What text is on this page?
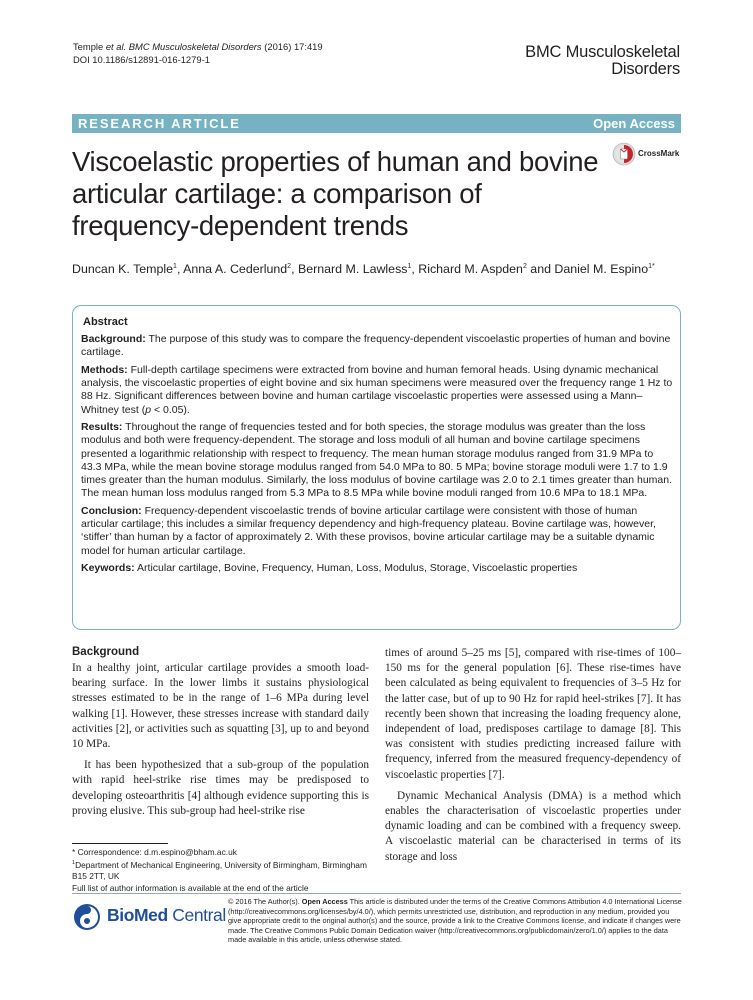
Temple et al. BMC Musculoskeletal Disorders (2016) 17:419
DOI 10.1186/s12891-016-1279-1	BMC Musculoskeletal
Disorders
RESEARCH ARTICLE	Open Access
Viscoelastic properties of human and bovine articular cartilage: a comparison of frequency-dependent trends
CrossMark
Duncan K. Temple$^1$, Anna A. Cederlund$^2$, Bernard M. Lawless$^1$, Richard M. Aspden$^2$ and Daniel M. Espino$^{1*}$
Abstract

Background: The purpose of this study was to compare the frequency-dependent viscoelastic properties of human and bovine cartilage.

Methods: Full-depth cartilage specimens were extracted from bovine and human femoral heads. Using dynamic mechanical analysis, the viscoelastic properties of eight bovine and six human specimens were measured over the frequency range 1 Hz to 88 Hz. Significant differences between bovine and human cartilage viscoelastic properties were assessed using a Mann–Whitney test (p < 0.05).

Results: Throughout the range of frequencies tested and for both species, the storage modulus was greater than the loss modulus and both were frequency-dependent. The storage and loss moduli of all human and bovine cartilage specimens presented a logarithmic relationship with respect to frequency. The mean human storage modulus ranged from 31.9 MPa to 43.3 MPa, while the mean bovine storage modulus ranged from 54.0 MPa to 80. 5 MPa; bovine storage moduli were 1.7 to 1.9 times greater than the human modulus. Similarly, the loss modulus of bovine cartilage was 2.0 to 2.1 times greater than human. The mean human loss modulus ranged from 5.3 MPa to 8.5 MPa while bovine moduli ranged from 10.6 MPa to 18.1 MPa.

Conclusion: Frequency-dependent viscoelastic trends of bovine articular cartilage were consistent with those of human articular cartilage; this includes a similar frequency dependency and high-frequency plateau. Bovine cartilage was, however, ‘stiffer’ than human by a factor of approximately 2. With these provisos, bovine articular cartilage may be a suitable dynamic model for human articular cartilage.

Keywords: Articular cartilage, Bovine, Frequency, Human, Loss, Modulus, Storage, Viscoelastic properties

Background

In a healthy joint, articular cartilage provides a smooth load-bearing surface. In the lower limbs it sustains physiological stresses estimated to be in the range of 1–6 MPa during level walking [1]. However, these stresses increase with standard daily activities [2], or activities such as squatting [3], up to and beyond 10 MPa.

It has been hypothesized that a sub-group of the population with rapid heel-strike rise times may be predisposed to developing osteoarthritis [4] although evidence supporting this is proving elusive. This sub-group had heel-strike rise

times of around 5–25 ms [5], compared with rise-times of 100–150 ms for the general population [6]. These rise-times have been calculated as being equivalent to frequencies of 3–5 Hz for the latter case, but of up to 90 Hz for rapid heel-strikes [7]. It has recently been shown that increasing the loading frequency alone, independent of load, predisposes cartilage to damage [8]. This was consistent with studies predicting increased failure with frequency, inferred from the measured frequency-dependency of viscoelastic properties [7].

Dynamic Mechanical Analysis (DMA) is a method which enables the characterisation of viscoelastic properties under dynamic loading and can be combined with a frequency sweep. A viscoelastic material can be characterised in terms of its storage and loss

* Correspondence: d.m.espino@bham.ac.uk
$^1$Department of Mechanical Engineering, University of Birmingham, Birmingham B15 2TT, UK
Full list of author information is available at the end of the article
BioMed Central
© 2016 The Author(s). Open Access This article is distributed under the terms of the Creative Commons Attribution 4.0 International License (http://creativecommons.org/licenses/by/4.0/), which permits unrestricted use, distribution, and reproduction in any medium, provided you give appropriate credit to the original author(s) and the source, provide a link to the Creative Commons license, and indicate if changes were made. The Creative Commons Public Domain Dedication waiver (http://creativecommons.org/publicdomain/zero/1.0/) applies to the data made available in this article, unless otherwise stated.
